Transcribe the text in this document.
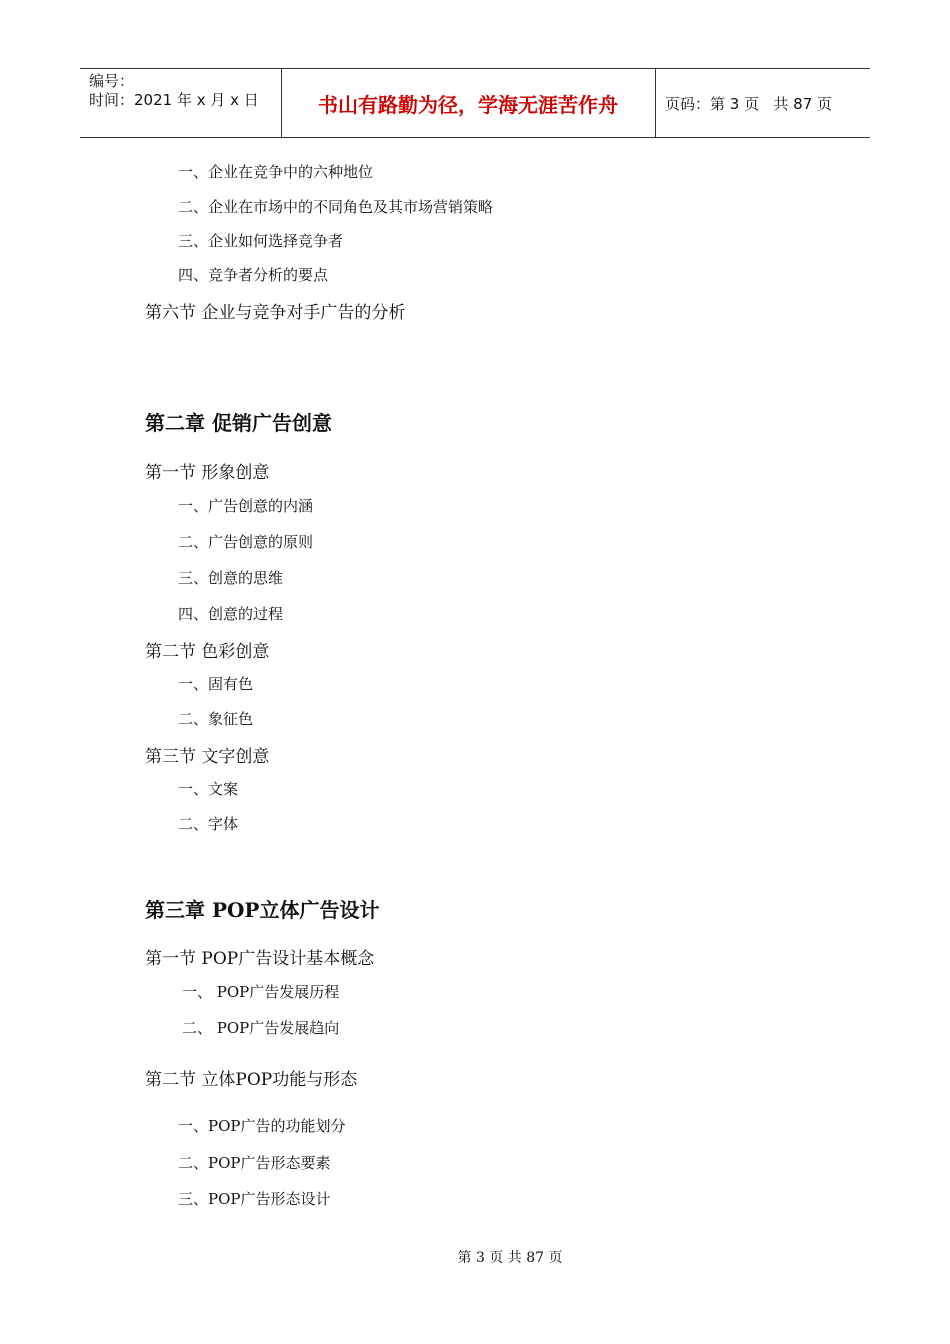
编号：
时间：2021 年 x 月 x 日	书山有路勤为径，学海无涯苦作舟	页码：第 3 页   共 87 页
一、企业在竞争中的六种地位
二、企业在市场中的不同角色及其市场营销策略
三、企业如何选择竞争者
四、竞争者分析的要点
第六节 企业与竞争对手广告的分析
第二章 促销广告创意
第一节 形象创意
一、广告创意的内涵
二、广告创意的原则
三、创意的思维
四、创意的过程
第二节 色彩创意
一、固有色
二、象征色
第三节 文字创意
一、文案
二、字体
第三章 POP立体广告设计
第一节 POP广告设计基本概念
一、 POP广告发展历程
二、 POP广告发展趋向
第二节 立体POP功能与形态
一、POP广告的功能划分
二、POP广告形态要素
三、POP广告形态设计
第 3 页 共 87 页
